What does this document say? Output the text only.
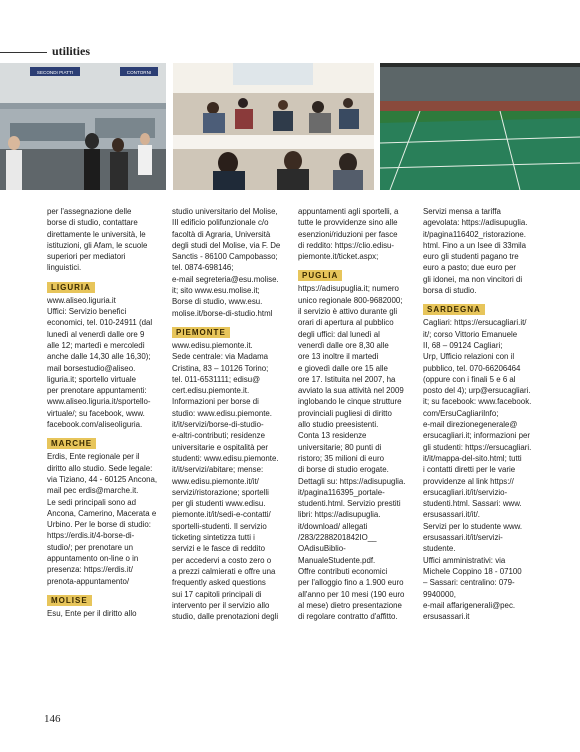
utilities
SECONDI PIATTI	CONTORNI

per l'assegnazione delle
borse di studio, contattare
direttamente le università, le
istituzioni, gli Afam, le scuole
superiori per mediatori
linguistici.

LIGURIA

www.aliseo.liguria.it
Uffici: Servizio benefici
economici, tel. 010-24911 (dal
lunedì al venerdì dalle ore 9
alle 12; martedì e mercoledì
anche dalle 14,30 alle 16,30);
mail borsestudio@aliseo.
liguria.it; sportello virtuale
per prenotare appuntamenti:
www.aliseo.liguria.it/sportello-
virtuale/; su facebook, www.
facebook.com/aliseoliguria.

MARCHE

Erdis, Ente regionale per il
diritto allo studio. Sede legale:
via Tiziano, 44 - 60125 Ancona,
mail pec erdis@marche.it.
Le sedi principali sono ad
Ancona, Camerino, Macerata e
Urbino. Per le borse di studio:
https://erdis.it/4-borse-di-
studio/; per prenotare un
appuntamento on-line o in
presenza: https://erdis.it/
prenota-appuntamento/

MOLISE

Esu, Ente per il diritto allo

studio universitario del Molise,
III edificio polifunzionale c/o
facoltà di Agraria, Università
degli studi del Molise, via F. De
Sanctis - 86100 Campobasso;
tel. 0874-698146;
e-mail segreteria@esu.molise.
it; sito www.esu.molise.it;
Borse di studio, www.esu.
molise.it/borse-di-studio.html

PIEMONTE

www.edisu.piemonte.it.
Sede centrale: via Madama
Cristina, 83 – 10126 Torino;
tel. 011-6531111; edisu@
cert.edisu.piemonte.it.
Informazioni per borse di
studio: www.edisu.piemonte.
it/it/servizi/borse-di-studio-
e-altri-contributi; residenze
universitarie e ospitalità per
studenti: www.edisu.piemonte.
it/it/servizi/abitare; mense:
www.edisu.piemonte.it/it/
servizi/ristorazione; sportelli
per gli studenti www.edisu.
piemonte.it/it/sedi-e-contatti/
sportelli-studenti. Il servizio
ticketing sintetizza tutti i
servizi e le fasce di reddito
per accedervi a costo zero o
a prezzi calmierati e offre una
frequently asked questions
sui 17 capitoli principali di
intervento per il servizio allo
studio, dalle prenotazioni degli

appuntamenti agli sportelli, a
tutte le provvidenze sino alle
esenzioni/riduzioni per fasce
di reddito: https://clio.edisu-
piemonte.it/ticket.aspx;

PUGLIA

https://adisupuglia.it; numero
unico regionale 800-9682000;
il servizio è attivo durante gli
orari di apertura al pubblico
degli uffici: dal lunedì al
venerdì dalle ore 8,30 alle
ore 13 inoltre il martedì
e giovedì dalle ore 15 alle
ore 17. Istituita nel 2007, ha
avviato la sua attività nel 2009
inglobando le cinque strutture
provinciali pugliesi di diritto
allo studio preesistenti.
Conta 13 residenze
universitarie; 80 punti di
ristoro; 35 milioni di euro
di borse di studio erogate.
Dettagli su: https://adisupuglia.
it/pagina116395_portale-
studenti.html. Servizio prestiti
libri: https://adisupuglia.
it/download/ allegati
/283/2288201842IO__
OAdisuBiblio-
ManualeStudente.pdf.
Offre contributi economici
per l'alloggio fino a 1.900 euro
all'anno per 10 mesi (190 euro
al mese) dietro presentazione
di regolare contratto d'affitto.

Servizi mensa a tariffa
agevolata: https://adisupuglia.
it/pagina116402_ristorazione.
html. Fino a un Isee di 33mila
euro gli studenti pagano tre
euro a pasto; due euro per
gli idonei, ma non vincitori di
borsa di studio.

SARDEGNA

Cagliari: https://ersucagliari.it/
it/; corso Vittorio Emanuele
II, 68 – 09124 Cagliari;
Urp, Ufficio relazioni con il
pubblico, tel. 070-66206464
(oppure con i finali 5 e 6 al
posto del 4); urp@ersucagliari.
it; su facebook: www.facebook.
com/ErsuCagliariInfo;
e-mail direzionegenerale@
ersucagliari.it; informazioni per
gli studenti: https://ersucagliari.
it/it/mappa-del-sito.html; tutti
i contatti diretti per le varie
provvidenze al link https://
ersucagliari.it/it/servizio-
studenti.html. Sassari: www.
ersusassari.it/it/.
Servizi per lo studente www.
ersusassari.it/it/servizi-
studente.
Uffici amministrativi: via
Michele Coppino 18 - 07100
– Sassari: centralino: 079-
9940000,
e-mail affarigenerali@pec.
ersusassari.it

146
